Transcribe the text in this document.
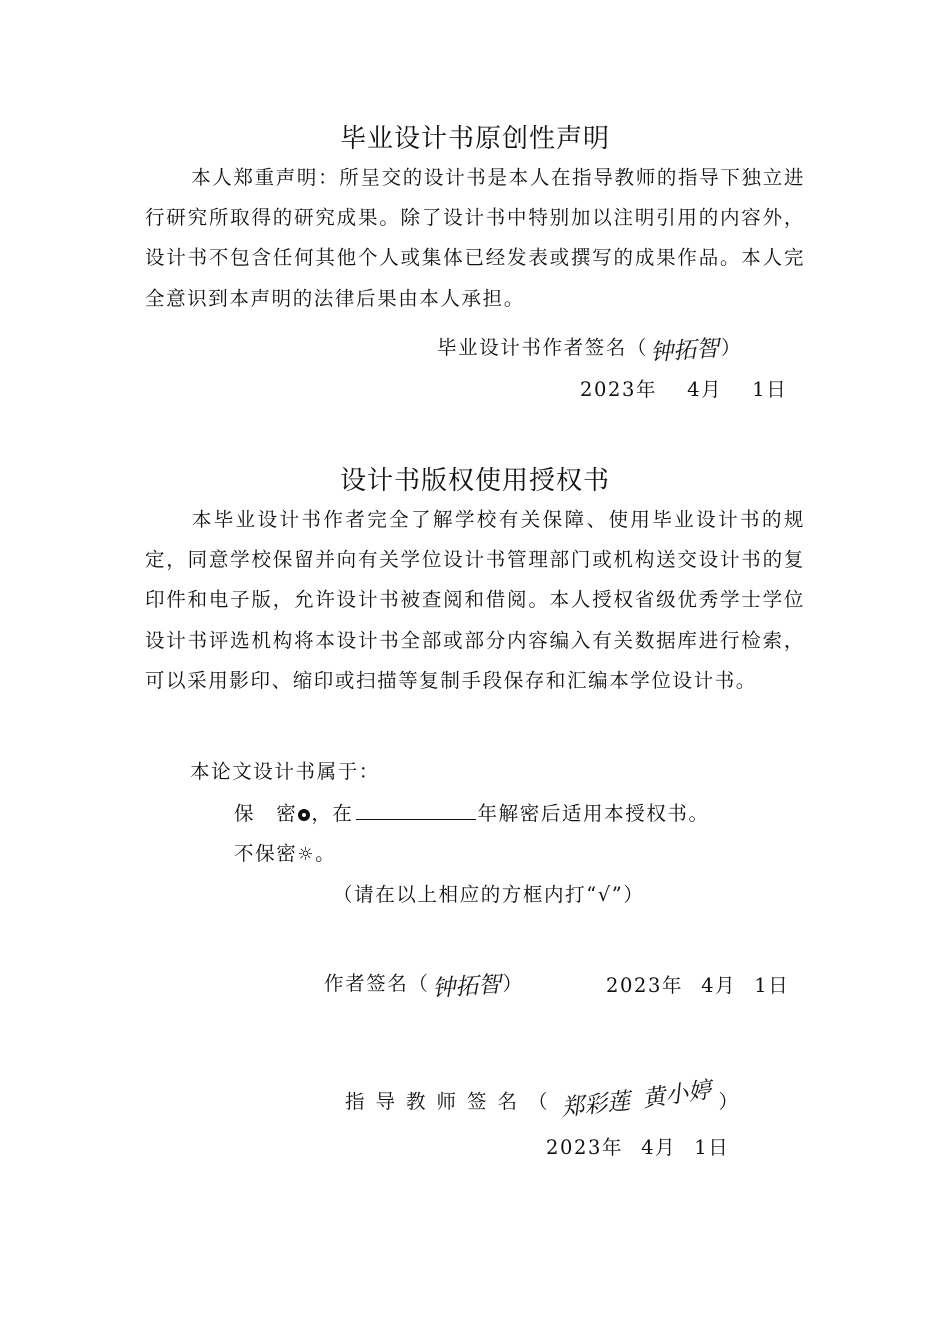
毕业设计书原创性声明

本人郑重声明：所呈交的设计书是本人在指导教师的指导下独立进行研究所取得的研究成果。除了设计书中特别加以注明引用的内容外，设计书不包含任何其他个人或集体已经发表或撰写的成果作品。本人完全意识到本声明的法律后果由本人承担。

毕业设计书作者签名（钟拓智）
2023年 4月 1日
设计书版权使用授权书

本毕业设计书作者完全了解学校有关保障、使用毕业设计书的规定，同意学校保留并向有关学位设计书管理部门或机构送交设计书的复印件和电子版，允许设计书被查阅和借阅。本人授权省级优秀学士学位设计书评选机构将本设计书全部或部分内容编入有关数据库进行检索，可以采用影印、缩印或扫描等复制手段保存和汇编本学位设计书。

本论文设计书属于：
保　密 ，在	年解密后适用本授权书。
不保密☼。
（请在以上相应的方框内打“√”）
作者签名（钟拓智）	2023年 4月 1日
指导教师签名（郑彩莲 黄小婷 ）
2023年 4月 1日
